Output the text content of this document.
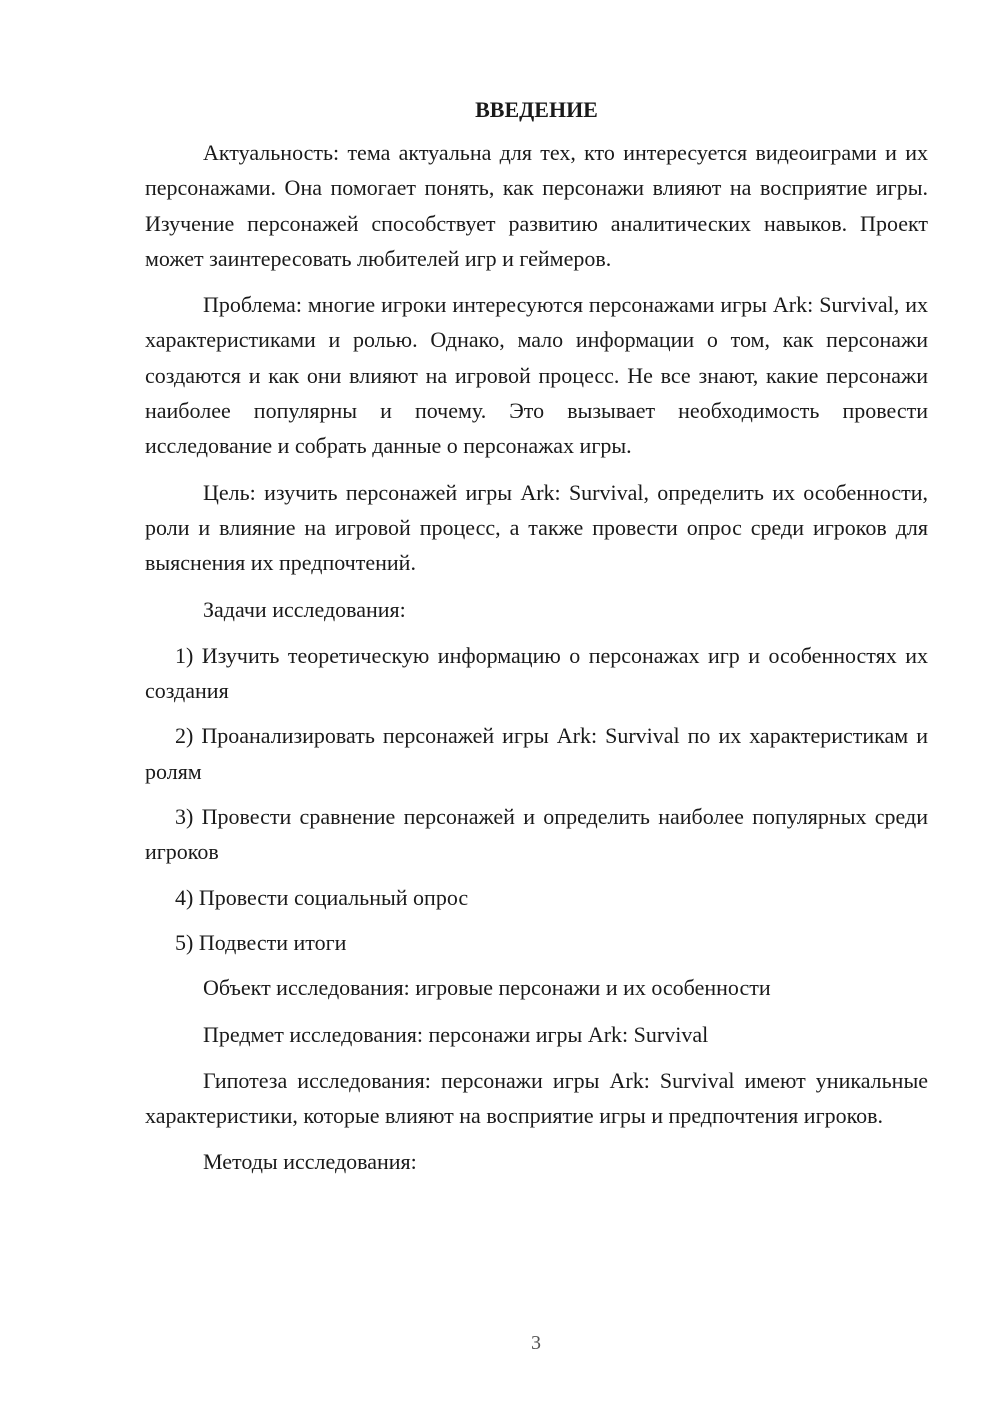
ВВЕДЕНИЕ

Актуальность: тема актуальна для тех, кто интересуется видеоиграми и их персонажами. Она помогает понять, как персонажи влияют на восприятие игры. Изучение персонажей способствует развитию аналитических навыков. Проект может заинтересовать любителей игр и геймеров.

Проблема: многие игроки интересуются персонажами игры Ark: Survival, их характеристиками и ролью. Однако, мало информации о том, как персонажи создаются и как они влияют на игровой процесс. Не все знают, какие персонажи наиболее популярны и почему. Это вызывает необходимость провести исследование и собрать данные о персонажах игры.

Цель: изучить персонажей игры Ark: Survival, определить их особенности, роли и влияние на игровой процесс, а также провести опрос среди игроков для выяснения их предпочтений.

Задачи исследования:

1) Изучить теоретическую информацию о персонажах игр и особенностях их создания

2) Проанализировать персонажей игры Ark: Survival по их характеристикам и ролям

3) Провести сравнение персонажей и определить наиболее популярных среди игроков

4) Провести социальный опрос

5) Подвести итоги

Объект исследования: игровые персонажи и их особенности

Предмет исследования: персонажи игры Ark: Survival

Гипотеза исследования: персонажи игры Ark: Survival имеют уникальные характеристики, которые влияют на восприятие игры и предпочтения игроков.

Методы исследования:

3
